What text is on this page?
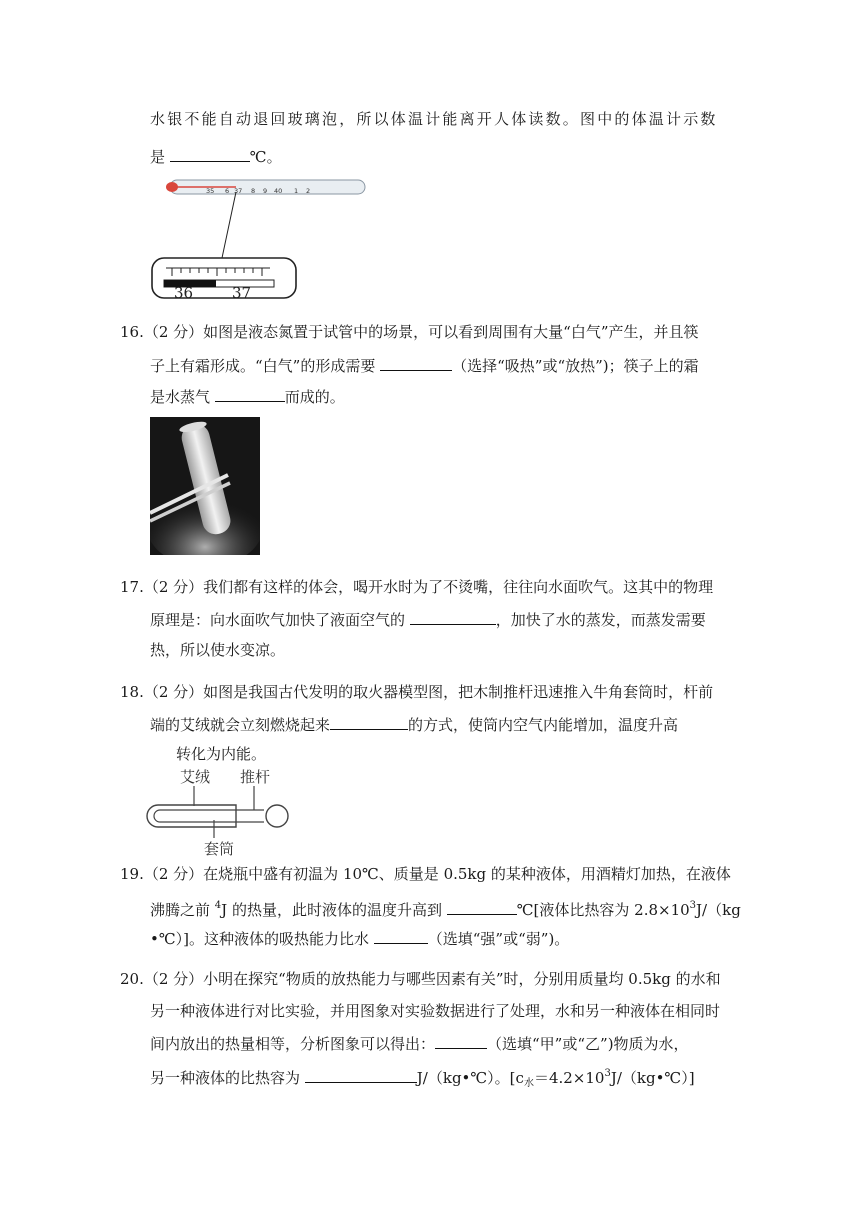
水银不能自动退回玻璃泡，所以体温计能离开人体读数。图中的体温计示数
是	℃。
35 6 37 8 9 40 1 2
36	37
16.（2 分）如图是液态氮置于试管中的场景，可以看到周围有大量“白气”产生，并且筷
子上有霜形成。“白气”的形成需要	（选择“吸热”或“放热”)；筷子上的霜
是水蒸气	而成的。
17.（2 分）我们都有这样的体会，喝开水时为了不烫嘴，往往向水面吹气。这其中的物理
原理是：向水面吹气加快了液面空气的	，加快了水的蒸发，而蒸发需要
热，所以使水变凉。
18.（2 分）如图是我国古代发明的取火器模型图，把木制推杆迅速推入牛角套筒时，杆前
端的艾绒就会立刻燃烧起来	的方式，使筒内空气内能增加，温度升高
转化为内能。
艾绒 推杆
套筒
19.（2 分）在烧瓶中盛有初温为 10℃、质量是 0.5kg 的某种液体，用酒精灯加热，在液体
沸腾之前 $^4$J 的热量，此时液体的温度升高到	℃[液体比热容为 $2.8\times 10^3J/(kg$
•℃）]。这种液体的吸热能力比水	（选填“强”或“弱”)。
20.（2 分）小明在探究“物质的放热能力与哪些因素有关”时，分别用质量均 0.5kg 的水和
另一种液体进行对比实验，并用图象对实验数据进行了处理，水和另一种液体在相同时
间内放出的热量相等，分析图象可以得出：	（选填“甲”或“乙”)物质为水，
另一种液体的比热容为	J/（kg•℃）。$[c_水=4.2\times 10^3J/(kg•℃)]$
